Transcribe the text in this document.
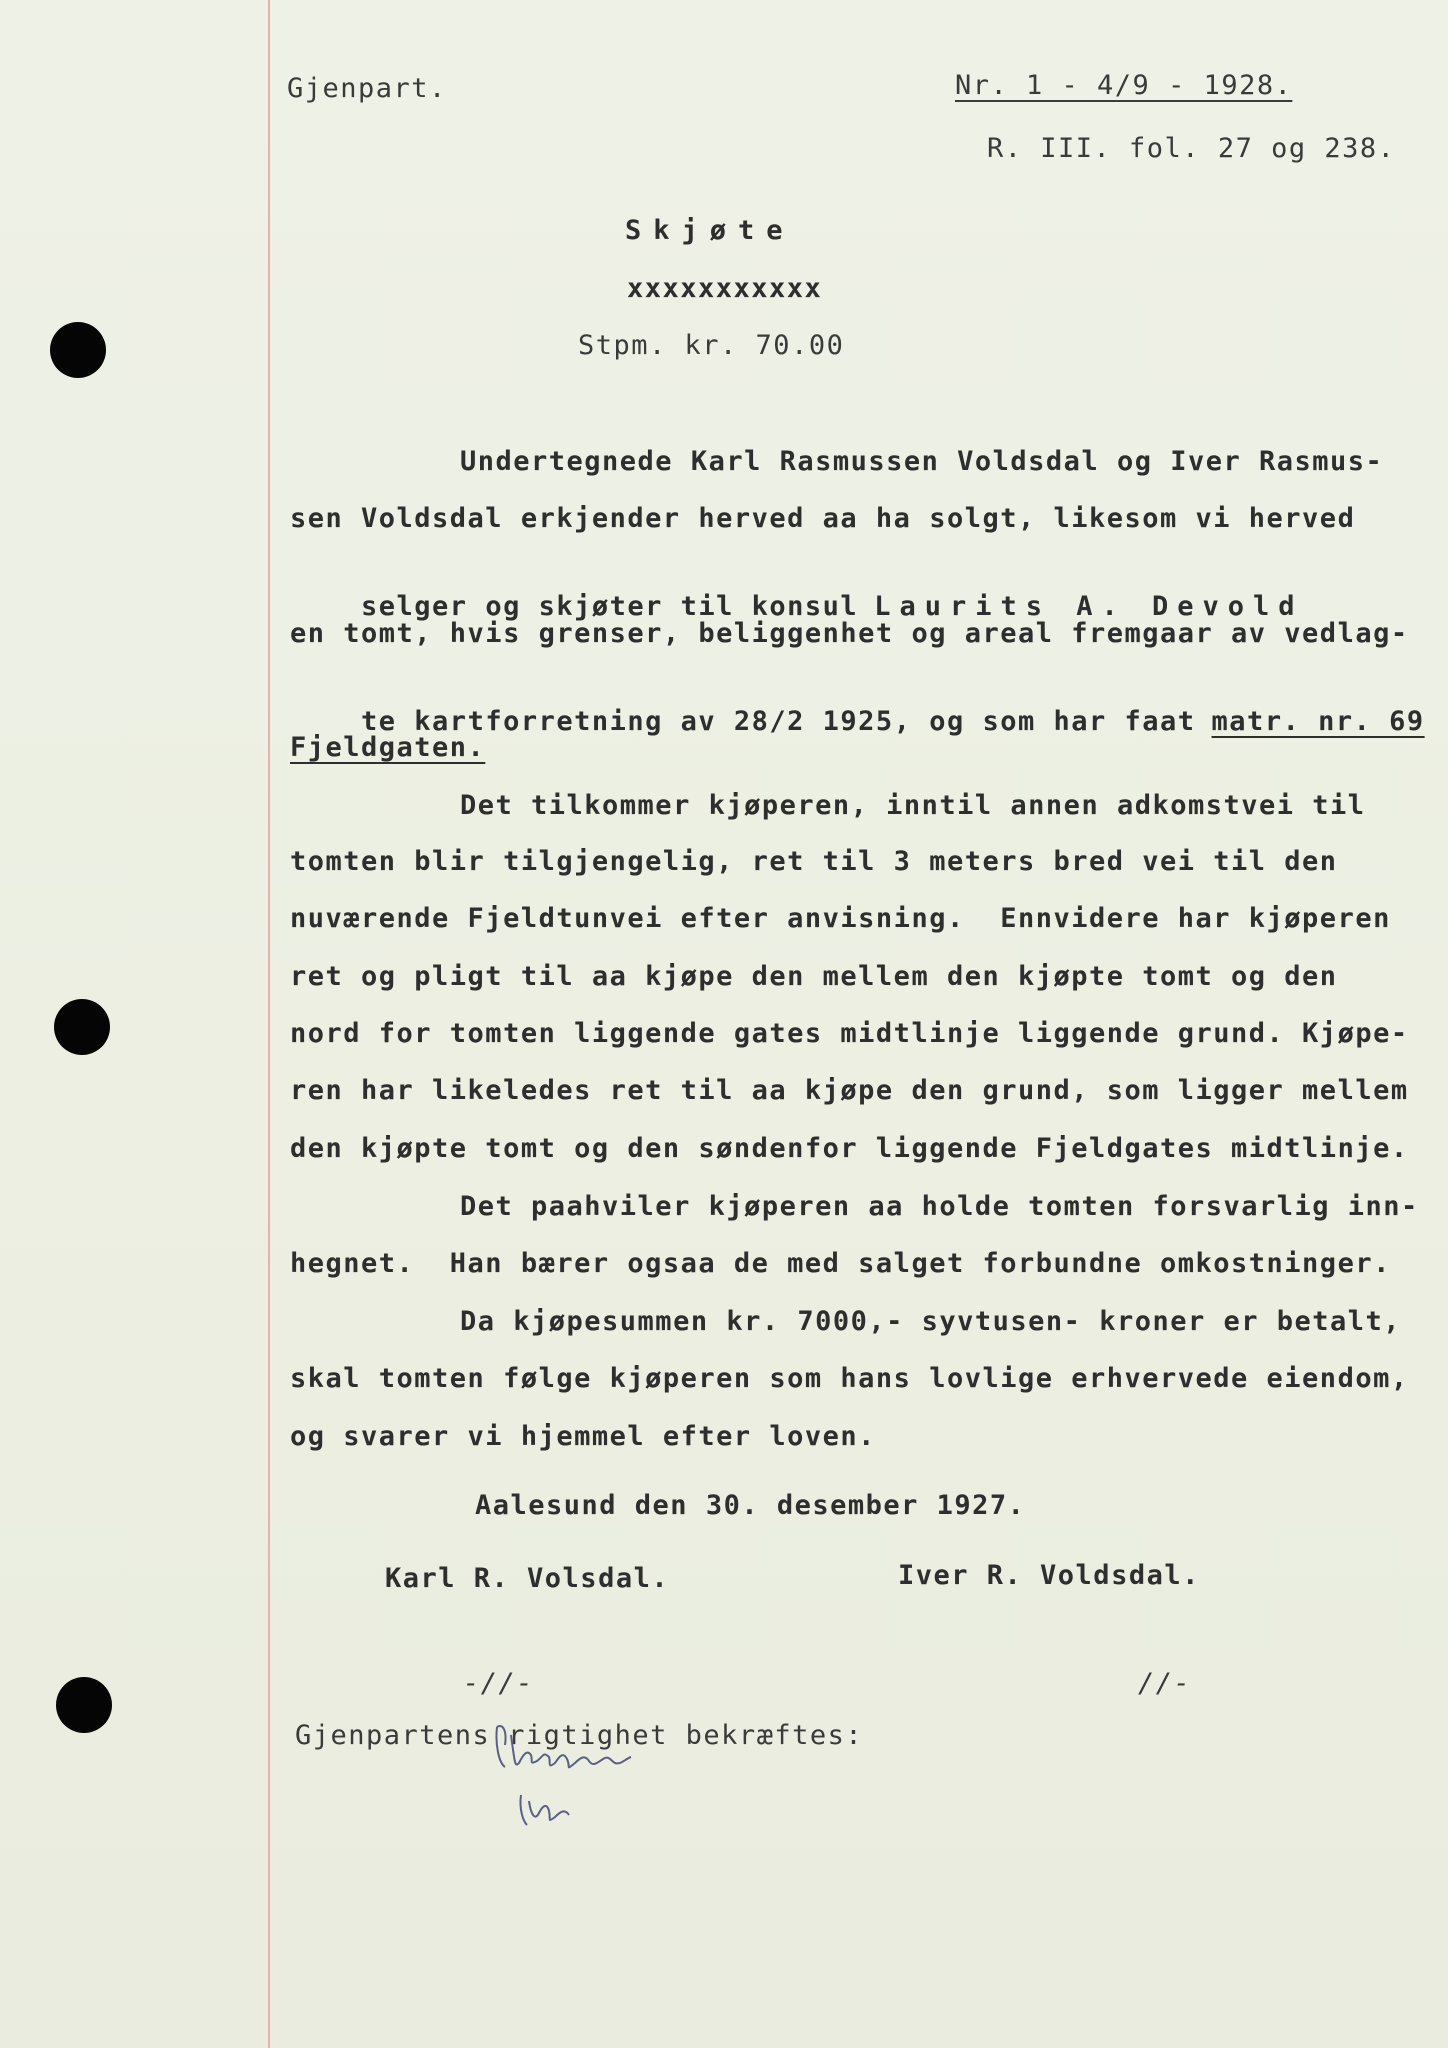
Gjenpart.	Nr. 1 - 4/9 - 1928.
R. III. fol. 27 og 238.
Skjøte
xxxxxxxxxxx
Stpm. kr. 70.00
Undertegnede Karl Rasmussen Voldsdal og Iver Rasmus-
sen Voldsdal erkjender herved aa ha solgt, likesom vi herved

selger og skjøter til konsul Laurits A. Devold

en tomt, hvis grenser, beliggenhet og areal fremgaar av vedlag-

te kartforretning av 28/2 1925, og som har faat matr. nr. 69

Fjeldgaten.
Det tilkommer kjøperen, inntil annen adkomstvei til
tomten blir tilgjengelig, ret til 3 meters bred vei til den
nuværende Fjeldtunvei efter anvisning.  Ennvidere har kjøperen
ret og pligt til aa kjøpe den mellem den kjøpte tomt og den
nord for tomten liggende gates midtlinje liggende grund. Kjøpe-
ren har likeledes ret til aa kjøpe den grund, som ligger mellem
den kjøpte tomt og den søndenfor liggende Fjeldgates midtlinje.
Det paahviler kjøperen aa holde tomten forsvarlig inn-
hegnet.  Han bærer ogsaa de med salget forbundne omkostninger.
Da kjøpesummen kr. 7000,- syvtusen- kroner er betalt,
skal tomten følge kjøperen som hans lovlige erhvervede eiendom,
og svarer vi hjemmel efter loven.
Aalesund den 30. desember 1927.
Karl R. Volsdal.	Iver R. Voldsdal.
-//-	//-
Gjenpartens rigtighet bekræftes:
